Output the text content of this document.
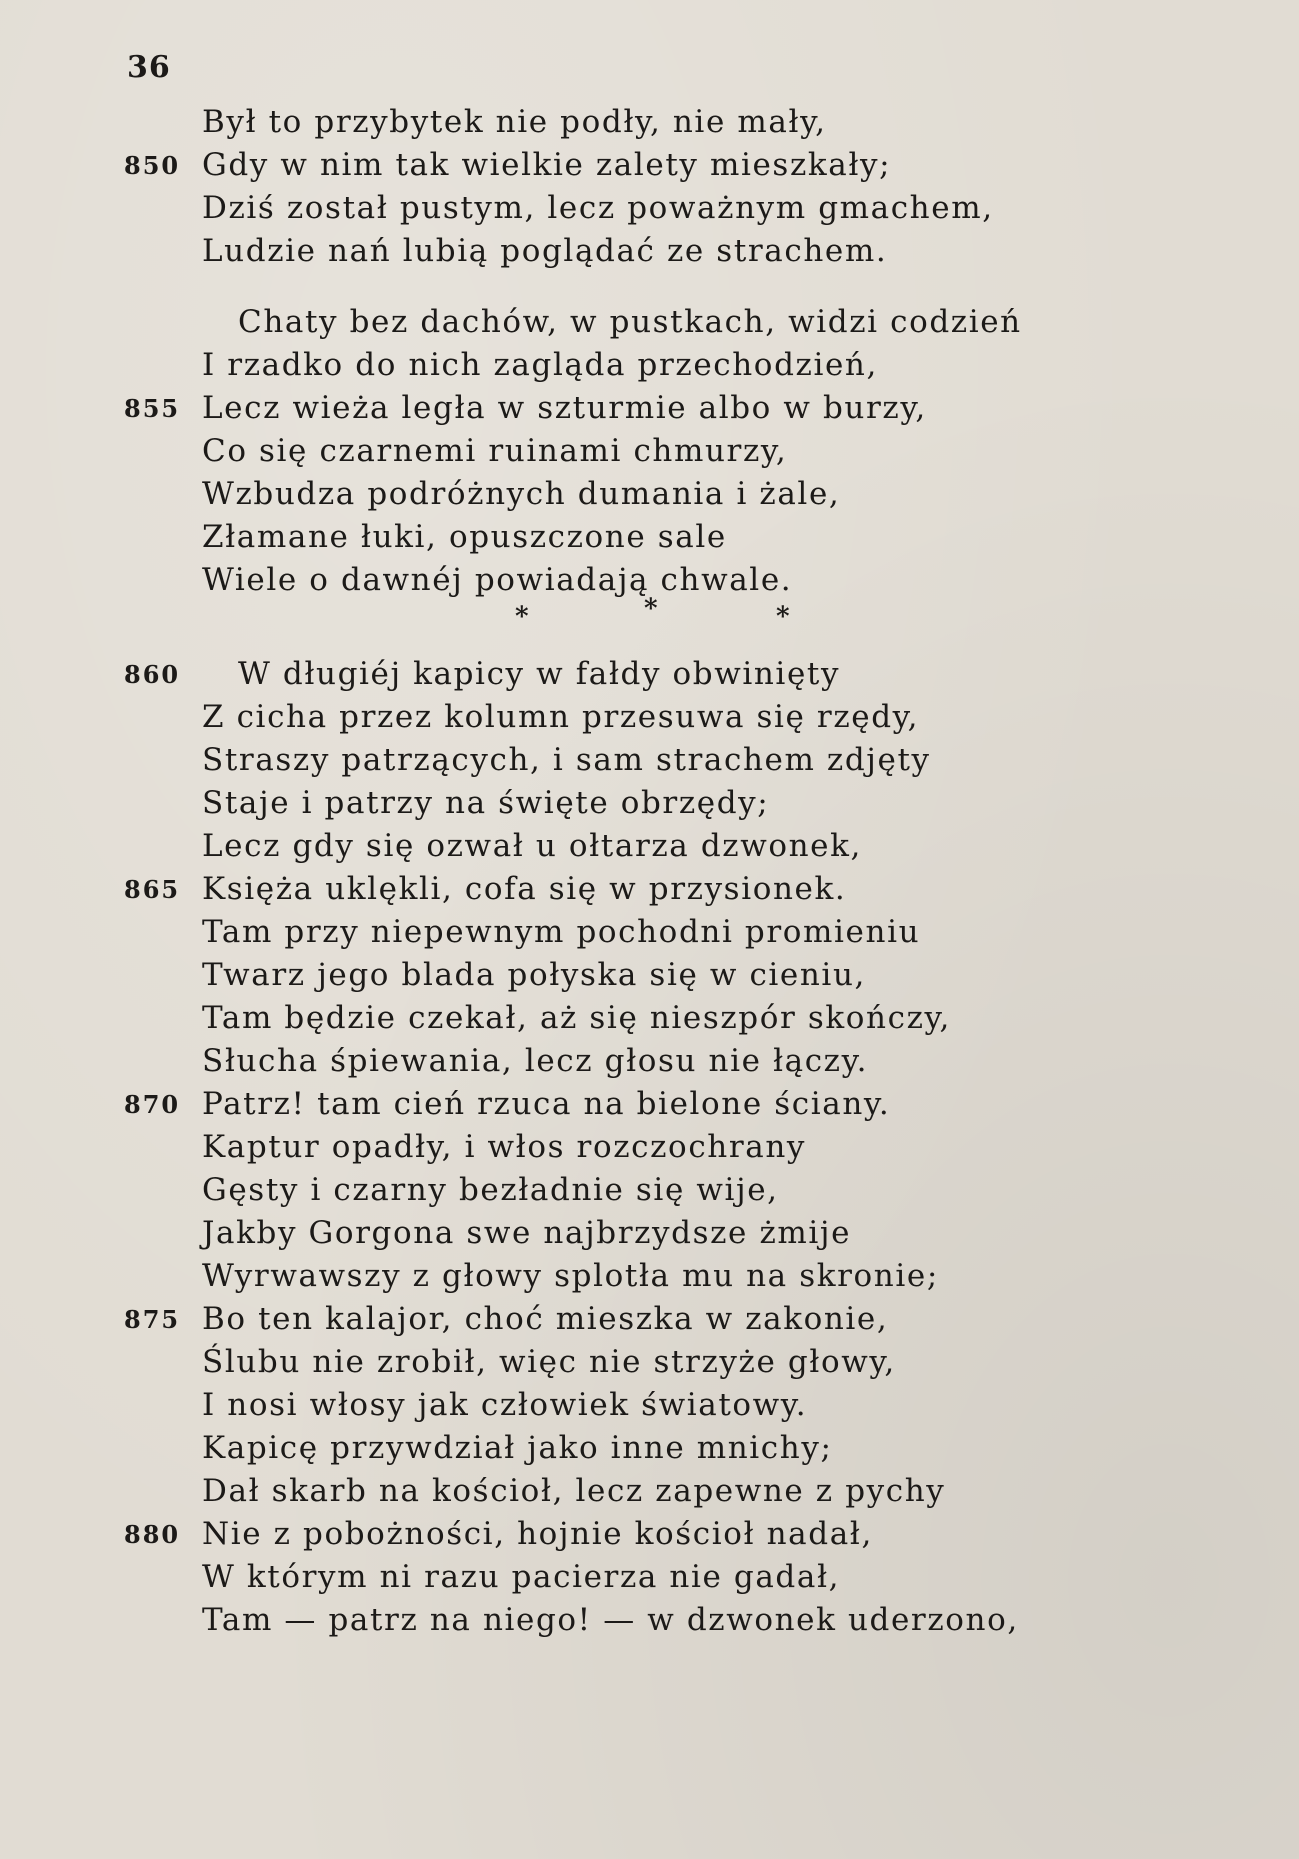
36
Był to przybytek nie podły, nie mały,
850 Gdy w nim tak wielkie zalety mieszkały;
Dziś został pustym, lecz poważnym gmachem,
Ludzie nań lubią poglądać ze strachem.
Chaty bez dachów, w pustkach, widzi codzień
I rzadko do nich zagląda przechodzień,
855 Lecz wieża legła w szturmie albo w burzy,
Co się czarnemi ruinami chmurzy,
Wzbudza podróżnych dumania i żale,
Złamane łuki, opuszczone sale
Wiele o dawnéj powiadają chwale.
860 W długiéj kapicy w fałdy obwinięty
Z cicha przez kolumn przesuwa się rzędy,
Straszy patrzących, i sam strachem zdjęty
Staje i patrzy na święte obrzędy;
Lecz gdy się ozwał u ołtarza dzwonek,
865 Księża uklękli, cofa się w przysionek.
Tam przy niepewnym pochodni promieniu
Twarz jego blada połyska się w cieniu,
Tam będzie czekał, aż się nieszpór skończy,
Słucha śpiewania, lecz głosu nie łączy.
870 Patrz! tam cień rzuca na bielone ściany.
Kaptur opadły, i włos rozczochrany
Gęsty i czarny bezładnie się wije,
Jakby Gorgona swe najbrzydsze żmije
Wyrwawszy z głowy splotła mu na skronie;
875 Bo ten kalajor, choć mieszka w zakonie,
Ślubu nie zrobił, więc nie strzyże głowy,
I nosi włosy jak człowiek światowy.
Kapicę przywdział jako inne mnichy;
Dał skarb na kościoł, lecz zapewne z pychy
880 Nie z pobożności, hojnie kościoł nadał,
W którym ni razu pacierza nie gadał,
Tam — patrz na niego! — w dzwonek uderzono,
*	*	*
